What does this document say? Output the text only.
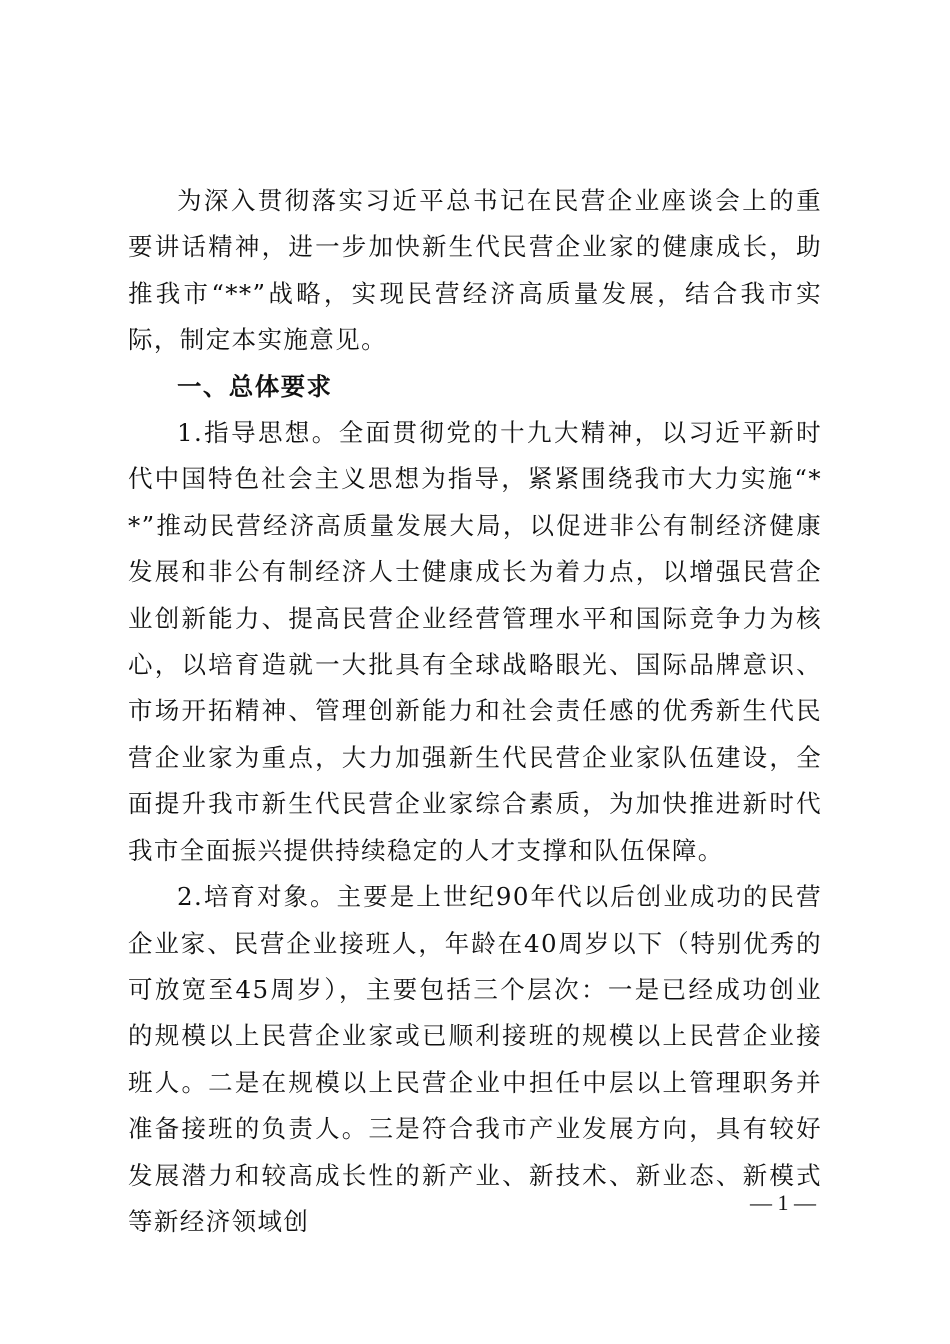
为深入贯彻落实习近平总书记在民营企业座谈会上的重要讲话精神，进一步加快新生代民营企业家的健康成长，助推我市“**”战略，实现民营经济高质量发展，结合我市实际，制定本实施意见。

一、总体要求

1.指导思想。全面贯彻党的十九大精神，以习近平新时代中国特色社会主义思想为指导，紧紧围绕我市大力实施“**”推动民营经济高质量发展大局，以促进非公有制经济健康发展和非公有制经济人士健康成长为着力点，以增强民营企业创新能力、提高民营企业经营管理水平和国际竞争力为核心，以培育造就一大批具有全球战略眼光、国际品牌意识、市场开拓精神、管理创新能力和社会责任感的优秀新生代民营企业家为重点，大力加强新生代民营企业家队伍建设，全面提升我市新生代民营企业家综合素质，为加快推进新时代我市全面振兴提供持续稳定的人才支撑和队伍保障。

2.培育对象。主要是上世纪90年代以后创业成功的民营企业家、民营企业接班人，年龄在40周岁以下（特别优秀的可放宽至45周岁），主要包括三个层次：一是已经成功创业的规模以上民营企业家或已顺利接班的规模以上民营企业接班人。二是在规模以上民营企业中担任中层以上管理职务并准备接班的负责人。三是符合我市产业发展方向，具有较好发展潜力和较高成长性的新产业、新技术、新业态、新模式等新经济领域创

— 1 —
